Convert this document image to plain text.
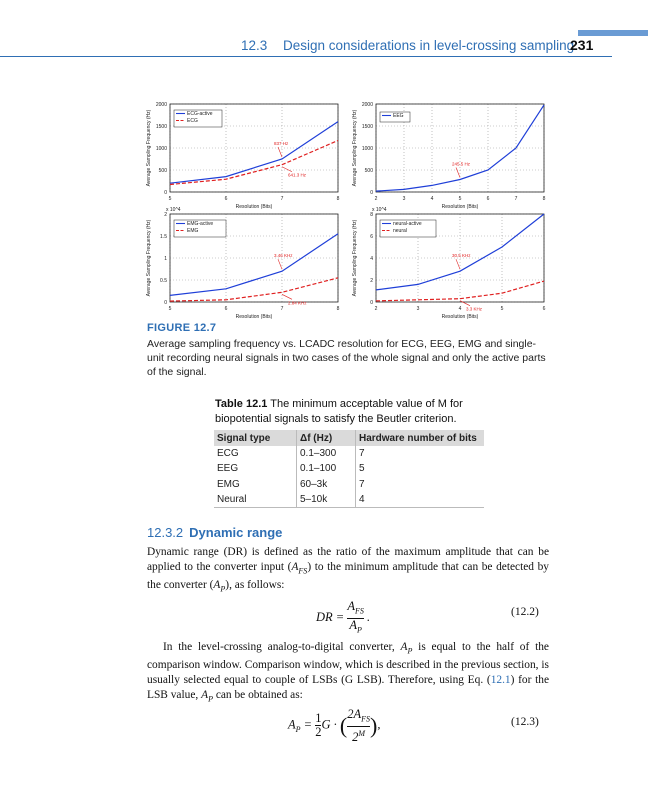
12.3 Design considerations in level-crossing sampling
231
5	6	7	8
0
500
1000
1500
2000
Resolution (Bits)
Average Sampling Frequency (Hz)	ECG-active
ECG
837 Hz
641.3 Hz
2	3	4	5	6	7	8
0
500
1000
1500
2000
Resolution (Bits)
Average Sampling Frequency (Hz)	EEG
245.5 Hz
5	6	7	8
0
0.5
1
1.5
2
x 10^4
Resolution (Bits)
Average Sampling Frequency (Hz)	EMG-active
EMG
3.46 KHz
2.84 KHz
2	3	4	5	6
0
2
4
6
8
x 10^4
Resolution (Bits)
Average Sampling Frequency (Hz)	neural-active
neural
30.5 KHz
3.3 KHz
FIGURE 12.7
Average sampling frequency vs. LCADC resolution for ECG, EEG, EMG and single-unit recording neural signals in two cases of the whole signal and only the active parts of the signal.
Table 12.1 The minimum acceptable value of M for biopotential signals to satisfy the Beutler criterion.
Signal type	Δf (Hz)	Hardware number of bits
ECG	0.1–300	7
EEG	0.1–100	5
EMG	60–3k	7
Neural	5–10k	4
12.3.2 Dynamic range
Dynamic range (DR) is defined as the ratio of the maximum amplitude that can be applied to the converter input $(A_{FS})$ to the minimum amplitude that can be detected by the converter $(A_P)$, as follows:
DR = $\frac{A_{FS}}{A_P}$ .	(12.2)
In the level-crossing analog-to-digital converter, $A_P$ is equal to the half of the comparison window. Comparison window, which is described in the previous section, is usually selected equal to couple of LSBs (G LSB). Therefore, using Eq. (12.1) for the LSB value, $A_P$ can be obtained as:
$A_P = \frac{1}{2}$ G · ( $\frac{2A_{FS}}{2^M}$ ),	(12.3)
